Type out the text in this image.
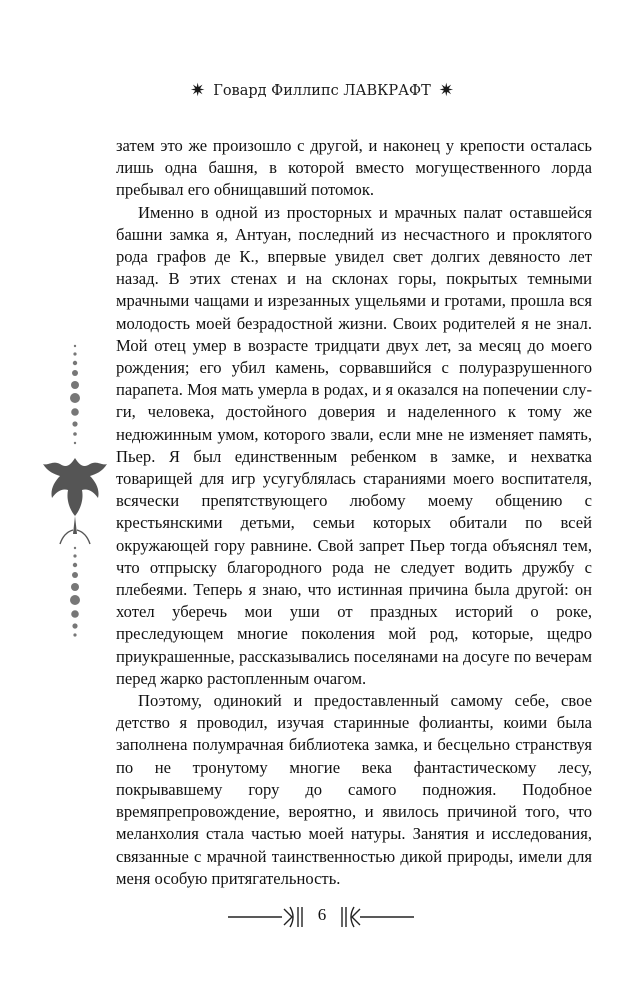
✷ Говард Филлипс ЛАВКРАФТ ✷

затем это же произошло с другой, и наконец у крепости осталась лишь одна башня, в которой вместо могущественного лорда пребывал его обнищавший потомок.

Именно в одной из просторных и мрачных палат оставшейся башни замка я, Антуан, последний из несчастного и проклятого рода графов де К., впервые увидел свет долгих девяносто лет назад. В этих стенах и на склонах горы, покрытых темными мрачными чащами и изрезанных ущельями и гротами, прошла вся молодость моей безрадостной жизни. Своих родителей я не знал. Мой отец умер в возрасте тридцати двух лет, за месяц до моего рождения; его убил камень, сорвавшийся с полуразрушенного парапета. Моя мать умерла в родах, и я оказался на попечении слуги, человека, достойного доверия и наделенного к тому же недюжинным умом, которого звали, если мне не изменяет память, Пьер. Я был единственным ребенком в замке, и нехватка товарищей для игр усугублялась стараниями моего воспитателя, всячески препятствующего любому моему общению с крестьянскими детьми, семьи которых обитали по всей окружающей гору равнине. Свой запрет Пьер тогда объяснял тем, что отпрыску благородного рода не следует водить дружбу с плебеями. Теперь я знаю, что истинная причина была другой: он хотел уберечь мои уши от праздных историй о роке, преследующем многие поколения мой род, которые, щедро приукрашенные, рассказывались поселянами на досуге по вечерам перед жарко растопленным очагом.

Поэтому, одинокий и предоставленный самому себе, свое детство я проводил, изучая старинные фолианты, коими была заполнена полумрачная библиотека замка, и бесцельно странствуя по не тронутому многие века фантастическому лесу, покрывавшему гору до самого подножия. Подобное времяпрепровождение, вероятно, и явилось причиной того, что меланхолия стала частью моей натуры. Занятия и исследования, связанные с мрачной таинственностью дикой природы, имели для меня особую притягательность.

6
